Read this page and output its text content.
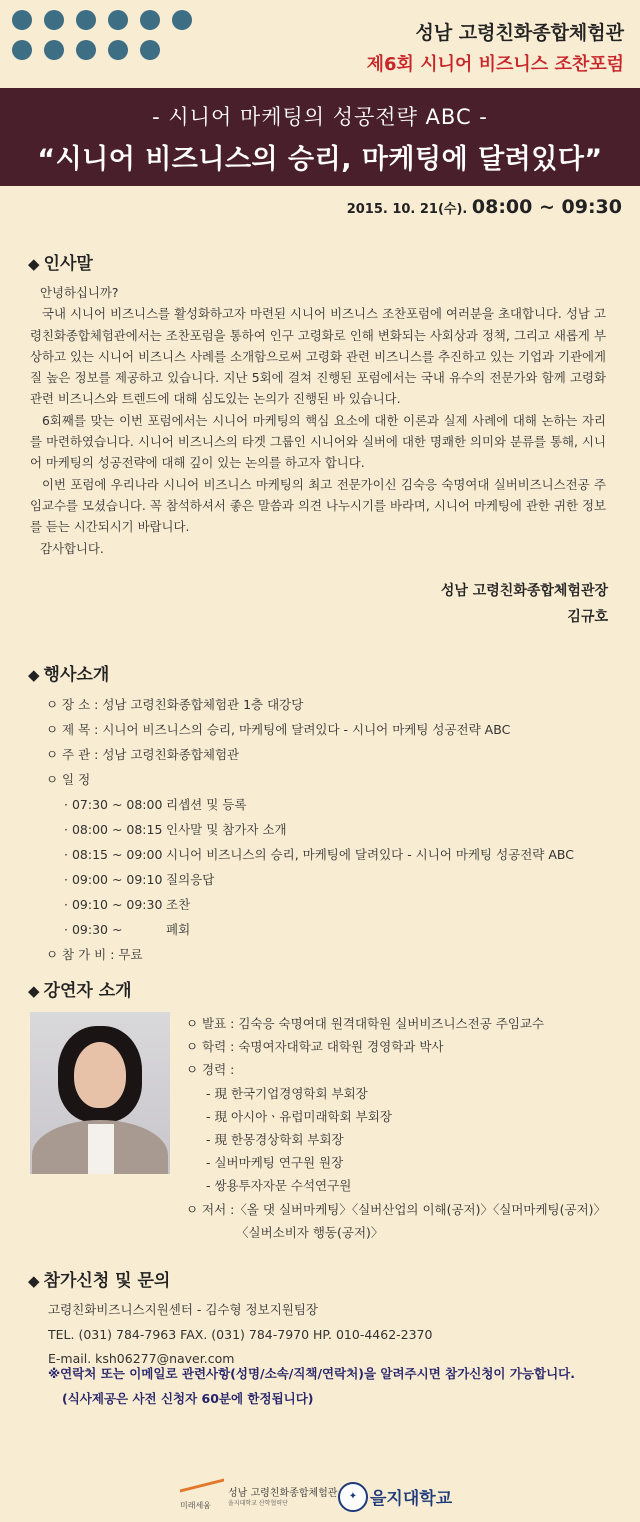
성남 고령친화종합체험관
제6회 시니어 비즈니스 조찬포럼
- 시니어 마케팅의 성공전략 ABC -
“시니어 비즈니스의 승리, 마케팅에 달려있다”
2015. 10. 21(수). 08:00 ~ 09:30
◆ 인사말

안녕하십니까?

국내 시니어 비즈니스를 활성화하고자 마련된 시니어 비즈니스 조찬포럼에 여러분을 초대합니다. 성남 고령친화종합체험관에서는 조찬포럼을 통하여 인구 고령화로 인해 변화되는 사회상과 정책, 그리고 새롭게 부상하고 있는 시니어 비즈니스 사례를 소개함으로써 고령화 관련 비즈니스를 추진하고 있는 기업과 기관에게 질 높은 정보를 제공하고 있습니다. 지난 5회에 걸쳐 진행된 포럼에서는 국내 유수의 전문가와 함께 고령화 관련 비즈니스와 트렌드에 대해 심도있는 논의가 진행된 바 있습니다.

6회째를 맞는 이번 포럼에서는 시니어 마케팅의 핵심 요소에 대한 이론과 실제 사례에 대해 논하는 자리를 마련하였습니다. 시니어 비즈니스의 타겟 그룹인 시니어와 실버에 대한 명쾌한 의미와 분류를 통해, 시니어 마케팅의 성공전략에 대해 깊이 있는 논의를 하고자 합니다.

이번 포럼에 우리나라 시니어 비즈니스 마케팅의 최고 전문가이신 김숙응 숙명여대 실버비즈니스전공 주임교수를 모셨습니다. 꼭 참석하셔서 좋은 말씀과 의견 나누시기를 바라며, 시니어 마케팅에 관한 귀한 정보를 듣는 시간되시기 바랍니다.

감사합니다.

성남 고령친화종합체험관장
김규호
◆ 행사소개
ㅇ 장 소 : 성남 고령친화종합체험관 1층 대강당
ㅇ 제 목 : 시니어 비즈니스의 승리, 마케팅에 달려있다 - 시니어 마케팅 성공전략 ABC
ㅇ 주 관 : 성남 고령친화종합체험관
ㅇ 일 정
· 07:30 ~ 08:00 리셉션 및 등록
· 08:00 ~ 08:15 인사말 및 참가자 소개
· 08:15 ~ 09:00 시니어 비즈니스의 승리, 마케팅에 달려있다 - 시니어 마케팅 성공전략 ABC
· 09:00 ~ 09:10 질의응답
· 09:10 ~ 09:30 조찬
· 09:30 ~	폐회
ㅇ 참 가 비 : 무료
◆ 강연자 소개
ㅇ 발표 : 김숙응 숙명여대 원격대학원 실버비즈니스전공 주임교수
ㅇ 학력 : 숙명여자대학교 대학원 경영학과 박사
ㅇ 경력 :
- 現 한국기업경영학회 부회장
- 現 아시아ㆍ유럽미래학회 부회장
- 現 한몽경상학회 부회장
- 실버마케팅 연구원 원장
- 쌍용투자자문 수석연구원
ㅇ 저서 :〈올 댓 실버마케팅〉〈실버산업의 이해(공저)〉〈실머마케팅(공저)〉
〈실버소비자 행동(공저)〉
◆ 참가신청 및 문의
고령친화비즈니스지원센터 - 김수형 정보지원팀장
TEL. (031) 784-7963 FAX. (031) 784-7970 HP. 010-4462-2370
E-mail. ksh06277@naver.com
※연락처 또는 이메일로 관련사항(성명/소속/직책/연락처)을 알려주시면 참가신청이 가능합니다.
(식사제공은 사전 신청자 60분에 한정됩니다)
미래세움
성남 고령친화종합체험관
을지대학교 산학협력단
✦ 을지대학교
